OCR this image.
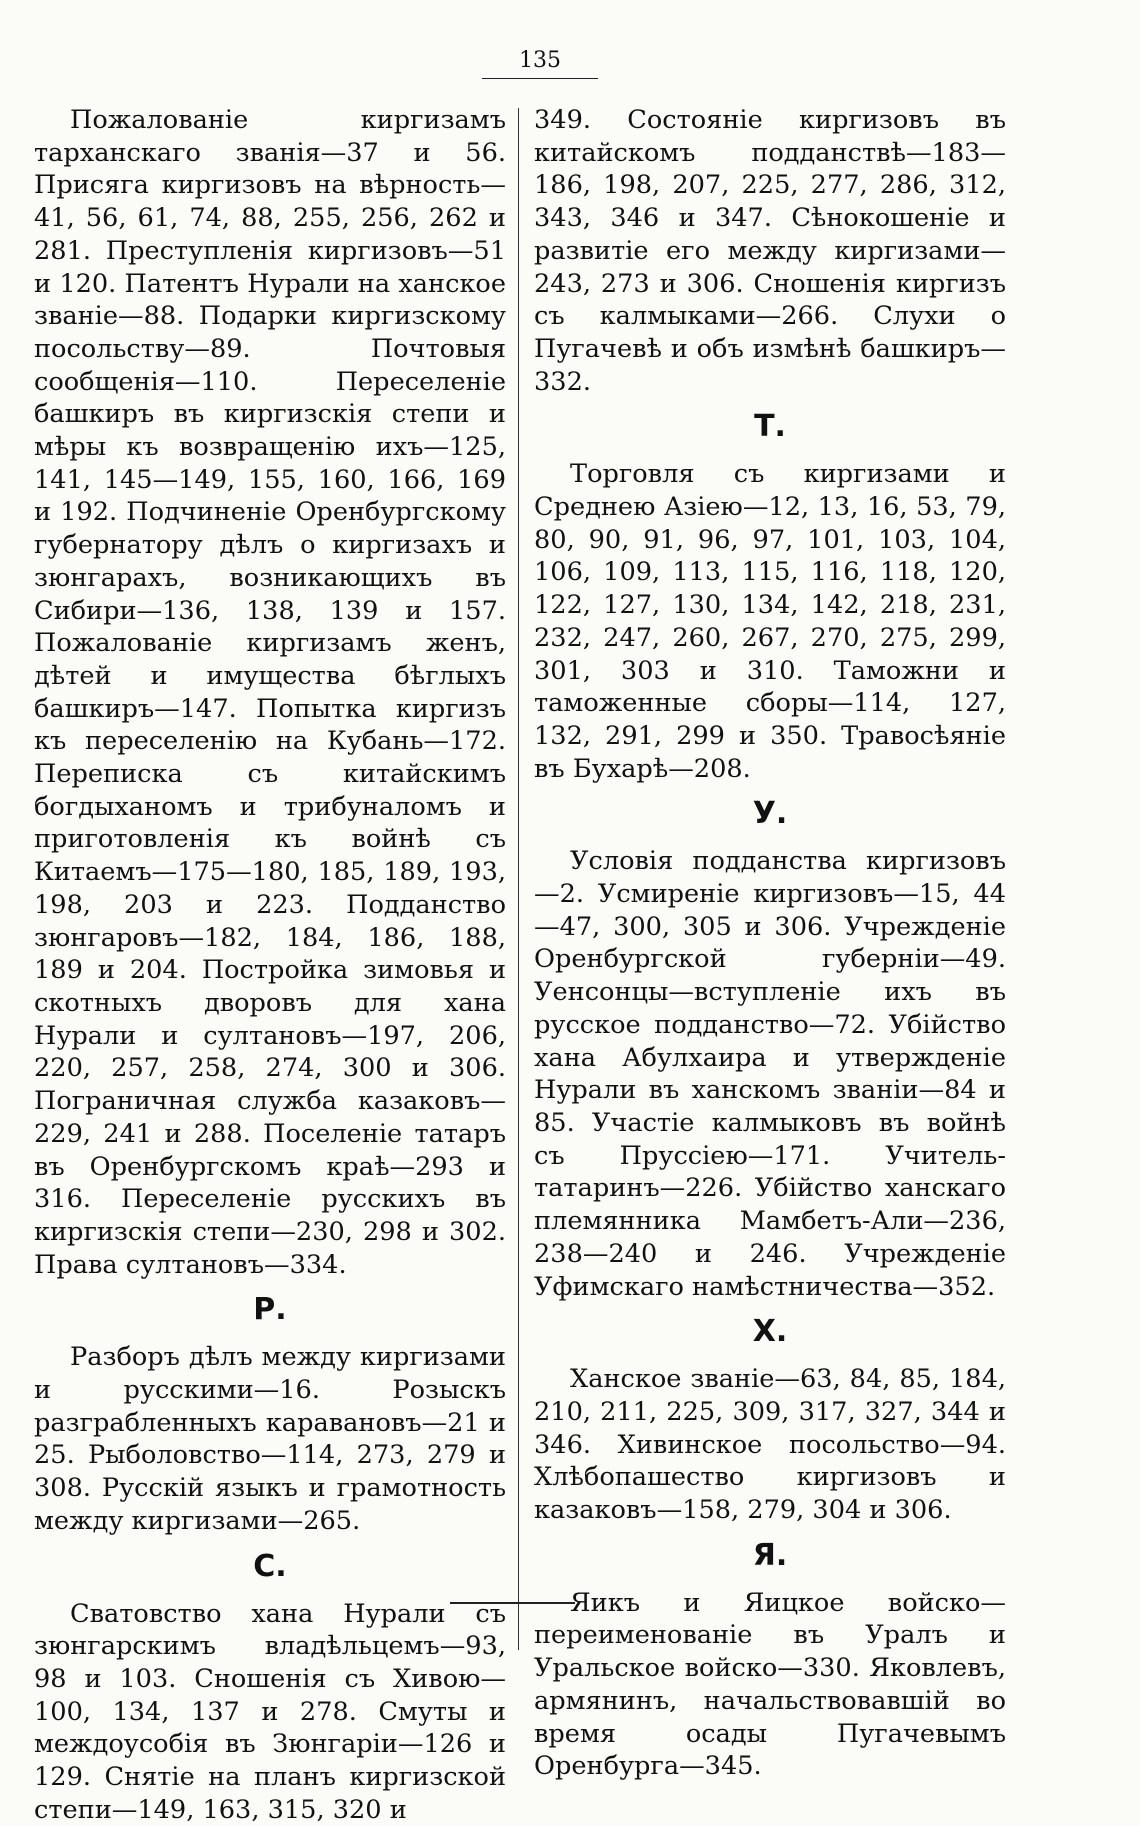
135

Пожалованіе киргизамъ тарханскаго званія—37 и 56. Присяга киргизовъ на вѣрность—41, 56, 61, 74, 88, 255, 256, 262 и 281. Преступленія киргизовъ—51 и 120. Патентъ Нурали на ханское званіе—88. Подарки киргизскому посольству—89. Почтовыя сообщенія—110. Переселеніе башкиръ въ киргизскія степи и мѣры къ возвращенію ихъ—125, 141, 145—149, 155, 160, 166, 169 и 192. Подчиненіе Оренбургскому губернатору дѣлъ о киргизахъ и зюнгарахъ, возникающихъ въ Сибири—136, 138, 139 и 157. Пожалованіе киргизамъ женъ, дѣтей и имущества бѣглыхъ башкиръ—147. Попытка киргизъ къ переселенію на Кубань—172. Переписка съ китайскимъ богдыханомъ и трибуналомъ и приготовленія къ войнѣ съ Китаемъ—175—180, 185, 189, 193, 198, 203 и 223. Подданство зюнгаровъ—182, 184, 186, 188, 189 и 204. Постройка зимовья и скотныхъ дворовъ для хана Нурали и султановъ—197, 206, 220, 257, 258, 274, 300 и 306. Пограничная служба казаковъ—229, 241 и 288. Поселеніе татаръ въ Оренбургскомъ краѣ—293 и 316. Переселеніе русскихъ въ киргизскія степи—230, 298 и 302. Права султановъ—334.

Р.

Разборъ дѣлъ между киргизами и русскими—16. Розыскъ разграбленныхъ каравановъ—21 и 25. Рыболовство—114, 273, 279 и 308. Русскій языкъ и грамотность между киргизами—265.

С.

Сватовство хана Нурали съ зюнгарскимъ владѣльцемъ—93, 98 и 103. Сношенія съ Хивою—100, 134, 137 и 278. Смуты и междоусобія въ Зюнгаріи—126 и 129. Снятіе на планъ киргизской степи—149, 163, 315, 320 и

349. Состояніе киргизовъ въ китайскомъ подданствѣ—183—186, 198, 207, 225, 277, 286, 312, 343, 346 и 347. Сѣнокошеніе и развитіе его между киргизами—243, 273 и 306. Сношенія киргизъ съ калмыками—266. Слухи о Пугачевѣ и объ измѣнѣ башкиръ—332.

Т.

Торговля съ киргизами и Среднею Азіею—12, 13, 16, 53, 79, 80, 90, 91, 96, 97, 101, 103, 104, 106, 109, 113, 115, 116, 118, 120, 122, 127, 130, 134, 142, 218, 231, 232, 247, 260, 267, 270, 275, 299, 301, 303 и 310. Таможни и таможенные сборы—114, 127, 132, 291, 299 и 350. Травосѣяніе въ Бухарѣ—208.

У.

Условія подданства киргизовъ—2. Усмиреніе киргизовъ—15, 44—47, 300, 305 и 306. Учрежденіе Оренбургской губерніи—49. Уенсонцы—вступленіе ихъ въ русское подданство—72. Убійство хана Абулхаира и утвержденіе Нурали въ ханскомъ званіи—84 и 85. Участіе калмыковъ въ войнѣ съ Пруссіею—171. Учитель-татаринъ—226. Убійство ханскаго племянника Мамбетъ-Али—236, 238—240 и 246. Учрежденіе Уфимскаго намѣстничества—352.

Х.

Ханское званіе—63, 84, 85, 184, 210, 211, 225, 309, 317, 327, 344 и 346. Хивинское посольство—94. Хлѣбопашество киргизовъ и казаковъ—158, 279, 304 и 306.

Я.

Яикъ и Яицкое войско—переименованіе въ Уралъ и Уральское войско—330. Яковлевъ, армянинъ, начальствовавшій во время осады Пугачевымъ Оренбурга—345.
